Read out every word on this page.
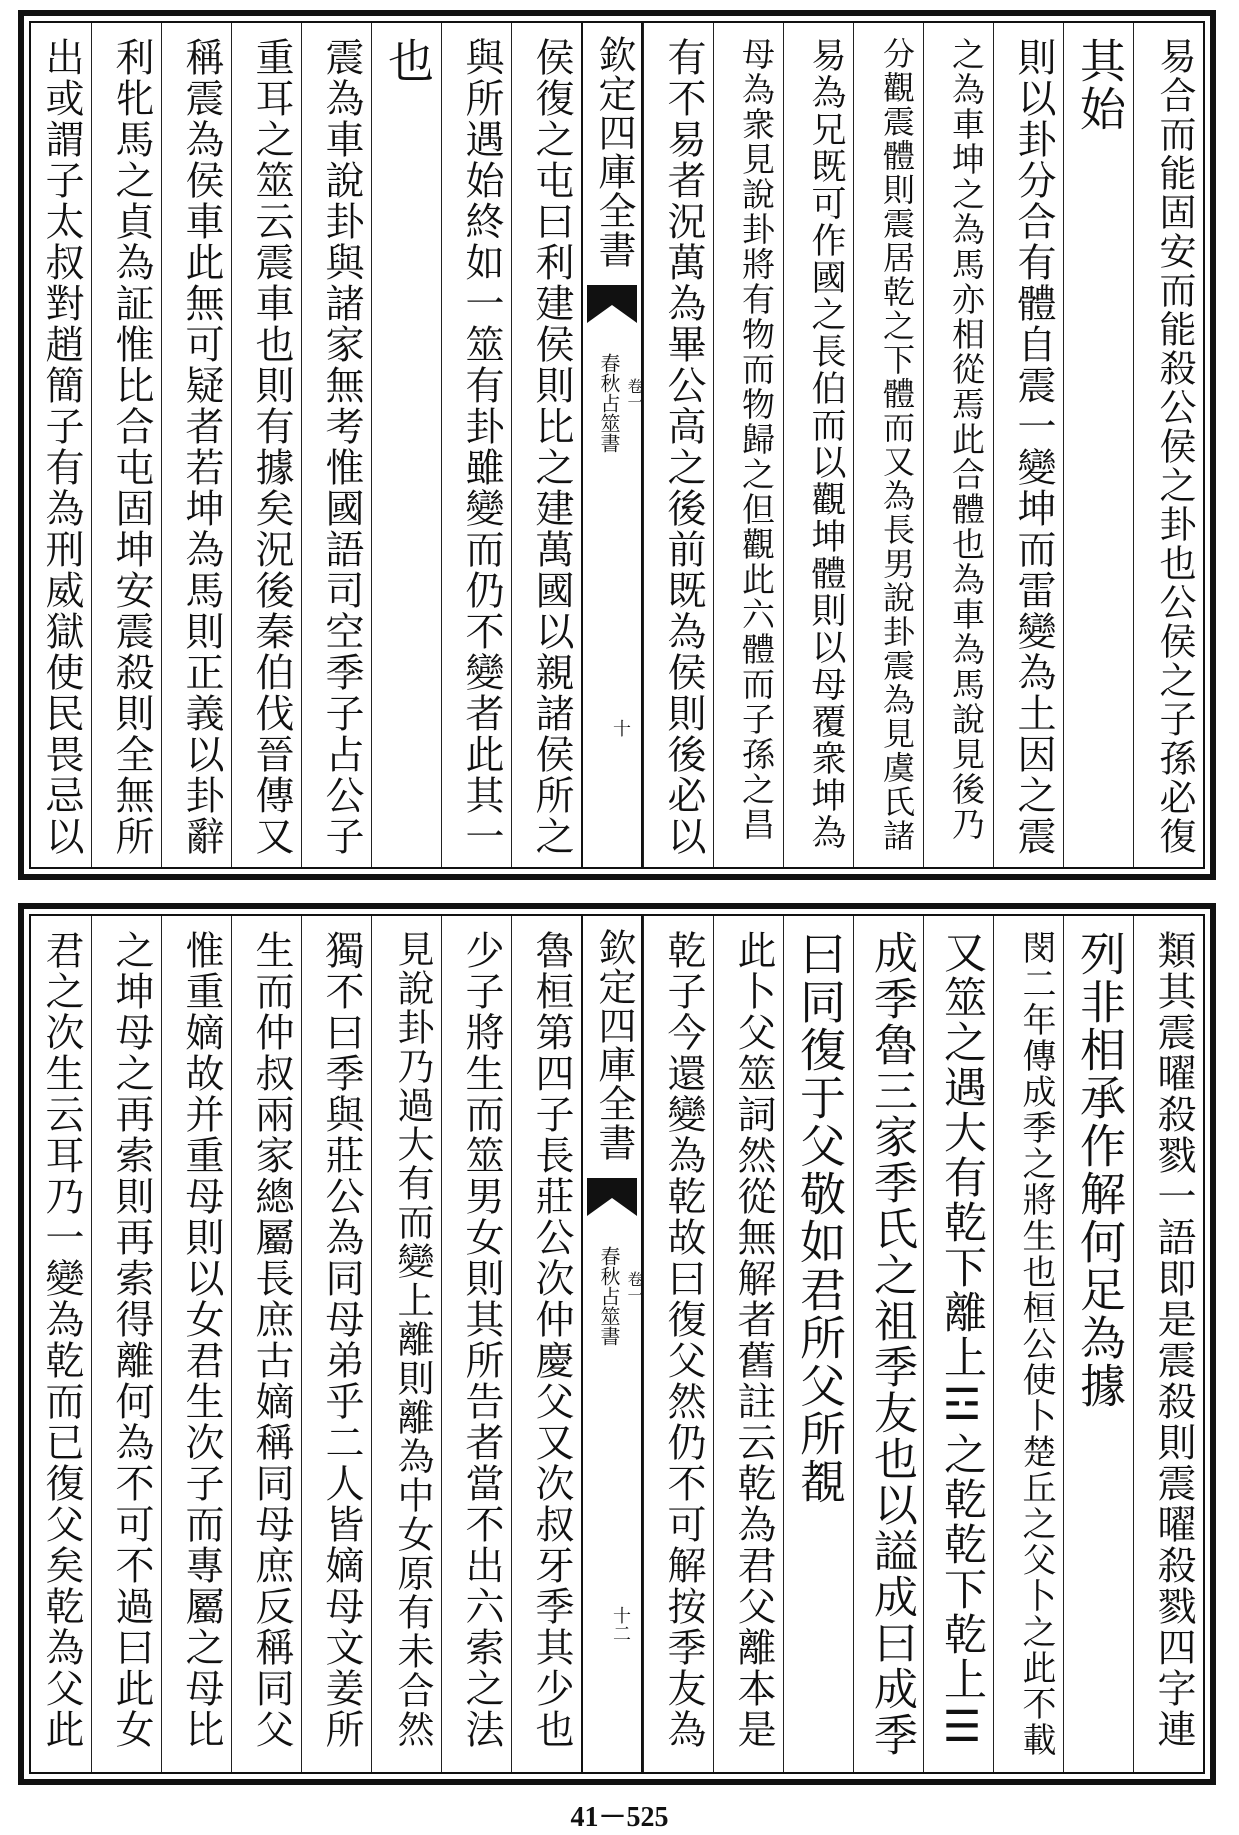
易合而能固安而能殺公侯之卦也公侯之子孫必復
其始
則以卦分合有體自震一變坤而雷變為土因之震
之為車坤之為馬亦相從焉此合體也為車為馬說見後乃
分觀震體則震居乾之下體而又為長男說卦震為見虞氏諸
易為兄既可作國之長伯而以觀坤體則以母覆衆坤為
母為衆見說卦將有物而物歸之但觀此六體而子孫之昌
有不易者況萬為畢公高之後前既為侯則後必以
欽定四庫全書
春秋占筮書 卷一
十
侯復之屯曰利建侯則比之建萬國以親諸侯所之
與所遇始終如一筮有卦雖變而仍不變者此其一
也
震為車說卦與諸家無考惟國語司空季子占公子
重耳之筮云震車也則有據矣況後秦伯伐晉傳又
稱震為侯車此無可疑者若坤為馬則正義以卦辭
利牝馬之貞為証惟比合屯固坤安震殺則全無所
出或謂子太叔對趙簡子有為刑威獄使民畏忌以
類其震曜殺戮一語即是震殺則震曜殺戮四字連
列非相承作解何足為據
閔二年傳成季之將生也桓公使卜楚丘之父卜之此不載
又筮之遇大有乾下離上☲之乾乾下乾上☰
成季魯三家季氏之祖季友也以謚成曰成季
曰同復于父敬如君所父所覩
此卜父筮詞然從無解者舊註云乾為君父離本是
乾子今還變為乾故曰復父然仍不可解按季友為
欽定四庫全書
春秋占筮書 卷一
十二
魯桓第四子長莊公次仲慶父又次叔牙季其少也
少子將生而筮男女則其所告者當不出六索之法
見說卦乃過大有而變上離則離為中女原有未合然
獨不曰季與莊公為同母弟乎二人皆嫡母文姜所
生而仲叔兩家總屬長庶古嫡稱同母庶反稱同父
惟重嫡故并重母則以女君生次子而專屬之母比
之坤母之再索則再索得離何為不可不過曰此女
君之次生云耳乃一變為乾而已復父矣乾為父此
41－525
